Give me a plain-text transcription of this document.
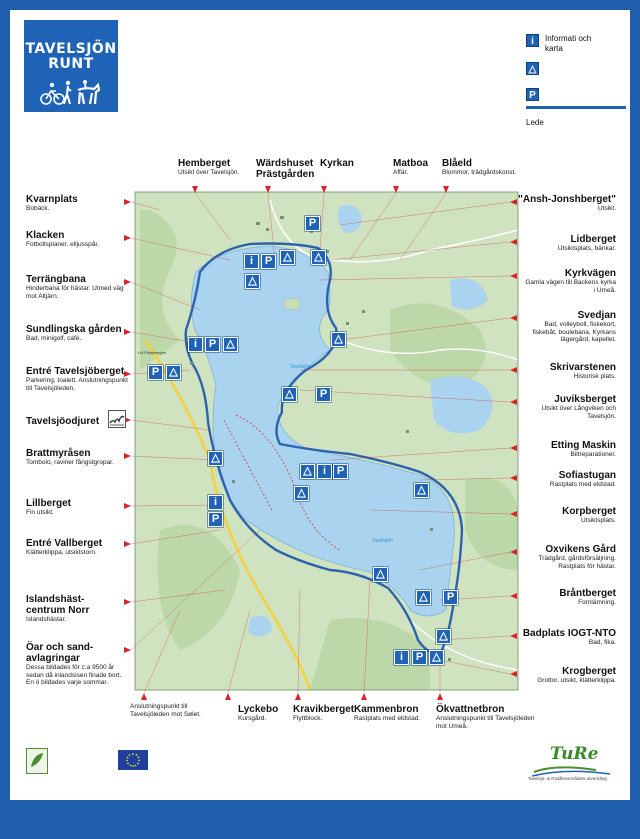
TAVELSJÖN
RUNT
i	Informati och karta
△
P
Lede
Tavelsjön
Tavelsjön
Lill-Prästbergen
i	P	△
P
△
△
i	P △
P △
△
△	P
△	i P
△
△
i
P
△
△
△	P
△
i	P △
Hemberget
Utsikt över Tavelsjön.
Wärdshuset Prästgården
Kyrkan	Matboa
Affär.
Blåeld
Blommor, trädgårdskonst.
Kvarnplats
Bobäck.
Klacken
Fotbollsplaner, elljusspår.
Terrängbana
Hinderbana för hästar. Utmed väg mot Altjärn.
Sundlingska gården
Bad, minigolf, café.
Entré Tavelsjöberget
Parkering, toalett. Anslutningspunkt till Tavelsjöleden.
Tavelsjöodjuret
Brattmyråsen
Tombolo, raviner fångstgropar.
Lillberget
Fin utsikt.
Entré Vallberget
Klätterklippa, utsiktstorn.
Islandshäst-centrum Norr
Islandshästar.
Öar och sand-avlagringar
Dessa bildades för c:a 9500 år sedan då inlandsisen finade bort. En ö bildades varje sommar.
"Ansh-Jonshberget"
Utsikt.
Lidberget
Utsiktsplats, bänkar.
Kyrkvägen
Gamla vägen till Backens kyrka i Umeå.
Svedjan
Bad, volleyboll, fiskekort, fiskebåt, boulebana, Kyrkans lägergård, kapellet.
Skrivarstenen
Historisk plats.
Juviksberget
Utsikt över Långviken och Tavelsjön.
Etting Maskin
Biltreparationer.
Sofiastugan
Rastplats med eldstad.
Korpberget
Utsiktsplats.
Oxvikens Gård
Trädgård, gårdsförsäljning. Rastplats för hästar.
Bråntberget
Fornlämning.
Badplats IOGT-NTO
Bad, fika.
Krogberget
Grottor, utsikt, klätterklippa.
Anslutningspunkt till Tavelsjöleden mot Sølet.	Lyckebo
Kursgård.
Kravikberget
Flyttblock.
Kammenbron
Rastplats med eldstad.
Ökvattnetbron
Anslutningspunkt till Tavelsjöleden mot Umeå.
TuRe
Tavelsjö- & Rödånsområdets utveckling
